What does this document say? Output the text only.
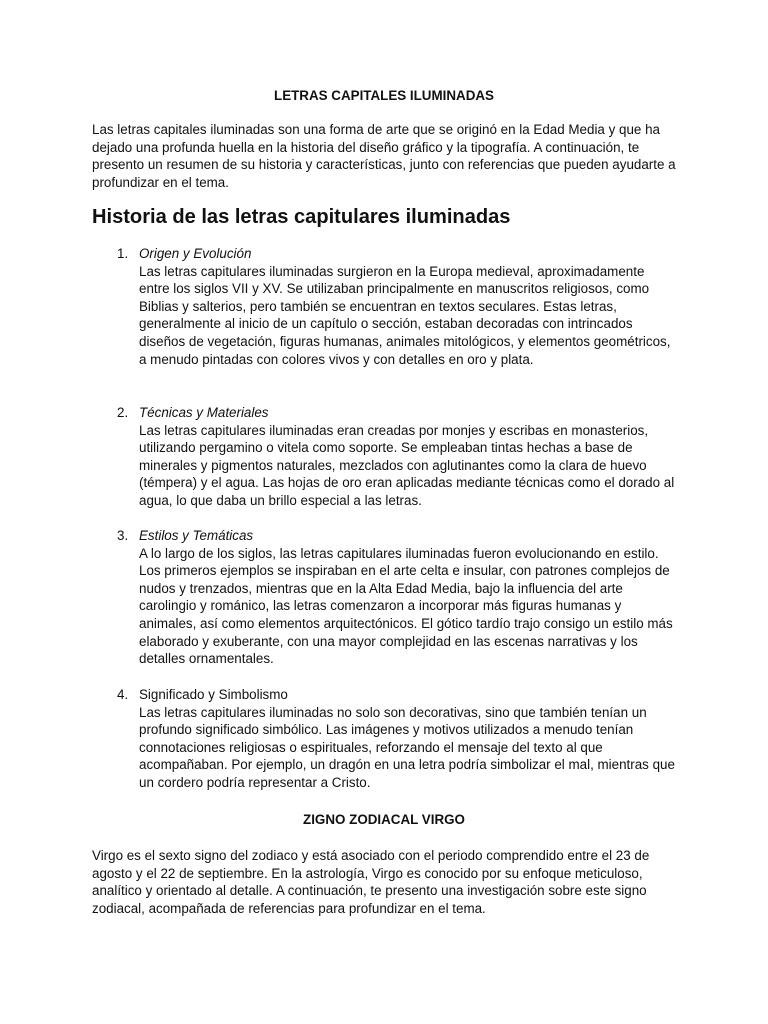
LETRAS CAPITALES ILUMINADAS

Las letras capitales iluminadas son una forma de arte que se originó en la Edad Media y que ha dejado una profunda huella en la historia del diseño gráfico y la tipografía. A continuación, te presento un resumen de su historia y características, junto con referencias que pueden ayudarte a profundizar en el tema.

Historia de las letras capitulares iluminadas
1. Origen y Evolución
Las letras capitulares iluminadas surgieron en la Europa medieval, aproximadamente entre los siglos VII y XV. Se utilizaban principalmente en manuscritos religiosos, como Biblias y salterios, pero también se encuentran en textos seculares. Estas letras, generalmente al inicio de un capítulo o sección, estaban decoradas con intrincados diseños de vegetación, figuras humanas, animales mitológicos, y elementos geométricos, a menudo pintadas con colores vivos y con detalles en oro y plata.
2. Técnicas y Materiales
Las letras capitulares iluminadas eran creadas por monjes y escribas en monasterios, utilizando pergamino o vitela como soporte. Se empleaban tintas hechas a base de minerales y pigmentos naturales, mezclados con aglutinantes como la clara de huevo (témpera) y el agua. Las hojas de oro eran aplicadas mediante técnicas como el dorado al agua, lo que daba un brillo especial a las letras.
3. Estilos y Temáticas
A lo largo de los siglos, las letras capitulares iluminadas fueron evolucionando en estilo. Los primeros ejemplos se inspiraban en el arte celta e insular, con patrones complejos de nudos y trenzados, mientras que en la Alta Edad Media, bajo la influencia del arte carolingio y románico, las letras comenzaron a incorporar más figuras humanas y animales, así como elementos arquitectónicos. El gótico tardío trajo consigo un estilo más elaborado y exuberante, con una mayor complejidad en las escenas narrativas y los detalles ornamentales.
4. Significado y Simbolismo
Las letras capitulares iluminadas no solo son decorativas, sino que también tenían un profundo significado simbólico. Las imágenes y motivos utilizados a menudo tenían connotaciones religiosas o espirituales, reforzando el mensaje del texto al que acompañaban. Por ejemplo, un dragón en una letra podría simbolizar el mal, mientras que un cordero podría representar a Cristo.
ZIGNO ZODIACAL VIRGO

Virgo es el sexto signo del zodiaco y está asociado con el periodo comprendido entre el 23 de agosto y el 22 de septiembre. En la astrología, Virgo es conocido por su enfoque meticuloso, analítico y orientado al detalle. A continuación, te presento una investigación sobre este signo zodiacal, acompañada de referencias para profundizar en el tema.
